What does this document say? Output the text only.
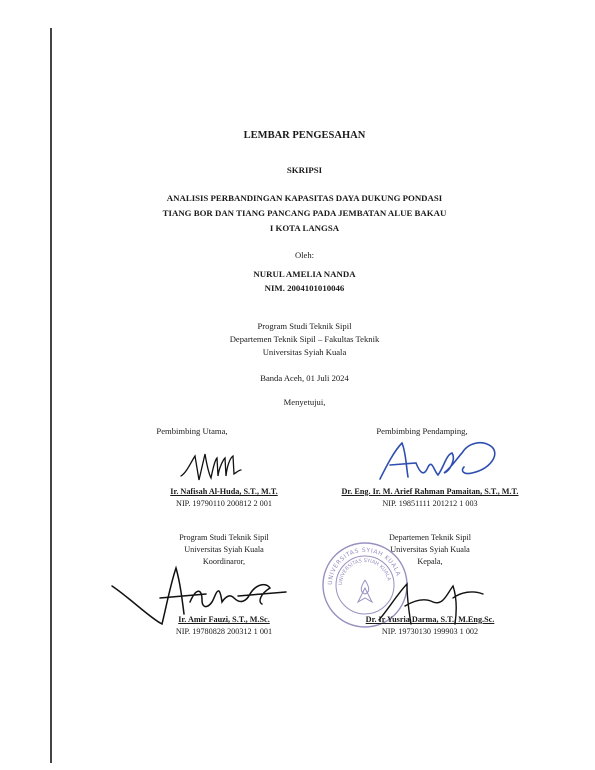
LEMBAR PENGESAHAN
SKRIPSI
ANALISIS PERBANDINGAN KAPASITAS DAYA DUKUNG PONDASI
TIANG BOR DAN TIANG PANCANG PADA JEMBATAN ALUE BAKAU
I KOTA LANGSA
Oleh:
NURUL AMELIA NANDA
NIM. 2004101010046
Program Studi Teknik Sipil
Departemen Teknik Sipil – Fakultas Teknik
Universitas Syiah Kuala
Banda Aceh, 01 Juli 2024
Menyetujui,
Pembimbing Utama,	Pembimbing Pendamping,
Ir. Nafisah Al-Huda, S.T., M.T.
NIP. 19790110 200812 2 001
Dr. Eng. Ir. M. Arief Rahman Pamaitan, S.T., M.T.
NIP. 19851111 201212 1 003
Program Studi Teknik Sipil
Universitas Syiah Kuala
Koordinaror,
Departemen Teknik Sipil
Universitas Syiah Kuala
Kepala,
UNIVERSITAS SYIAH KUALA
UNIVERSITAS SYIAH KUALA
Ir. Amir Fauzi, S.T., M.Sc.
NIP. 19780828 200312 1 001
Dr. Ir Yusria Darma, S.T., M.Eng.Sc.
NIP. 19730130 199903 1 002
